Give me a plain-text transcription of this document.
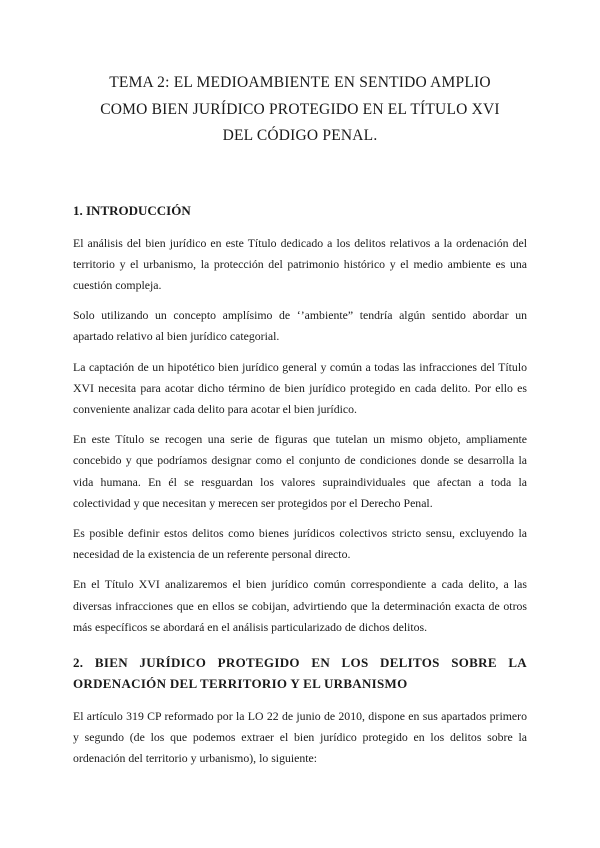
TEMA 2: EL MEDIOAMBIENTE EN SENTIDO AMPLIO
COMO BIEN JURÍDICO PROTEGIDO EN EL TÍTULO XVI
DEL CÓDIGO PENAL.
1. INTRODUCCIÓN

El análisis del bien jurídico en este Título dedicado a los delitos relativos a la ordenación del territorio y el urbanismo, la protección del patrimonio histórico y el medio ambiente es una cuestión compleja.

Solo utilizando un concepto amplísimo de ‘’ambiente” tendría algún sentido abordar un apartado relativo al bien jurídico categorial.

La captación de un hipotético bien jurídico general y común a todas las infracciones del Título XVI necesita para acotar dicho término de bien jurídico protegido en cada delito. Por ello es conveniente analizar cada delito para acotar el bien jurídico.

En este Título se recogen una serie de figuras que tutelan un mismo objeto, ampliamente concebido y que podríamos designar como el conjunto de condiciones donde se desarrolla la vida humana. En él se resguardan los valores supraindividuales que afectan a toda la colectividad y que necesitan y merecen ser protegidos por el Derecho Penal.

Es posible definir estos delitos como bienes jurídicos colectivos stricto sensu, excluyendo la necesidad de la existencia de un referente personal directo.

En el Título XVI analizaremos el bien jurídico común correspondiente a cada delito, a las diversas infracciones que en ellos se cobijan, advirtiendo que la determinación exacta de otros más específicos se abordará en el análisis particularizado de dichos delitos.

2. BIEN JURÍDICO PROTEGIDO EN LOS DELITOS SOBRE LA ORDENACIÓN DEL TERRITORIO Y EL URBANISMO

El artículo 319 CP reformado por la LO 22 de junio de 2010, dispone en sus apartados primero y segundo (de los que podemos extraer el bien jurídico protegido en los delitos sobre la ordenación del territorio y urbanismo), lo siguiente:
